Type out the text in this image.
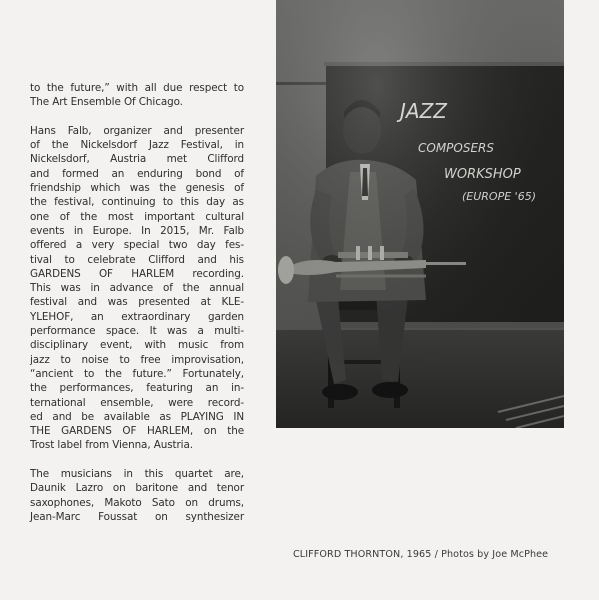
to the future,” with all due respect to
The Art Ensemble Of Chicago.

Hans Falb, organizer and presenter
of the Nickelsdorf Jazz Festival, in
Nickelsdorf, Austria met Clifford
and formed an enduring bond of
friendship which was the genesis of
the festival, continuing to this day as
one of the most important cultural
events in Europe. In 2015, Mr. Falb
offered a very special two day fes-
tival to celebrate Clifford and his
GARDENS OF HARLEM recording.
This was in advance of the annual
festival and was presented at KLE-
YLEHOF, an extraordinary garden
performance space. It was a multi-
disciplinary event, with music from
jazz to noise to free improvisation,
“ancient to the future.” Fortunately,
the performances, featuring an in-
ternational ensemble, were record-
ed and be available as PLAYING IN
THE GARDENS OF HARLEM, on the
Trost label from Vienna, Austria.

The musicians in this quartet are,
Daunik Lazro on baritone and tenor
saxophones, Makoto Sato on drums,
Jean-Marc Foussat on synthesizer

CLIFFORD THORNTON, 1965 / Photos by Joe McPhee
